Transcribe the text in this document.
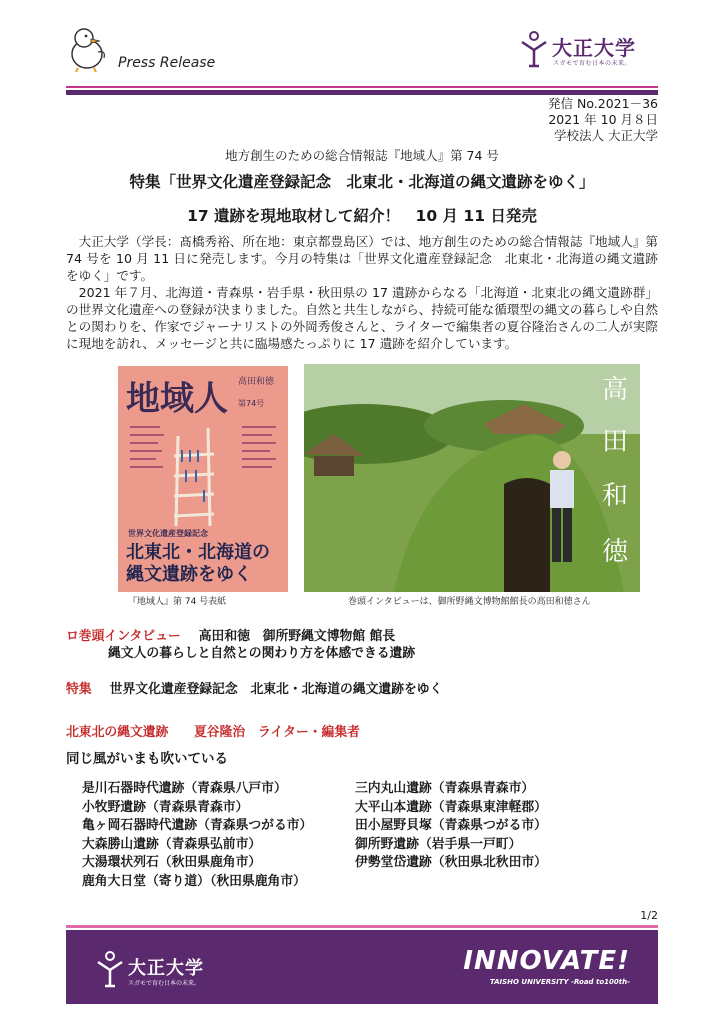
Press Release
大正大学
スガモで育む日本の未来。
発信 No.2021－36
2021 年 10 月８日
学校法人 大正大学
地方創生のための総合情報誌『地域人』第 74 号
特集「世界文化遺産登録記念　北東北・北海道の縄文遺跡をゆく」
17 遺跡を現地取材して紹介！　10 月 11 日発売

大正大学（学長：髙橋秀裕、所在地：東京都豊島区）では、地方創生のための総合情報誌『地域人』第 74 号を 10 月 11 日に発売します。今月の特集は「世界文化遺産登録記念　北東北・北海道の縄文遺跡をゆく」です。

2021 年７月、北海道・青森県・岩手県・秋田県の 17 遺跡からなる「北海道・北東北の縄文遺跡群」の世界文化遺産への登録が決まりました。自然と共生しながら、持続可能な循環型の縄文の暮らしや自然との関わりを、作家でジャーナリストの外岡秀俊さんと、ライターで編集者の夏谷隆治さんの二人が実際に現地を訪れ、メッセージと共に臨場感たっぷりに 17 遺跡を紹介しています。

地域人 第74号
高田和徳
世界文化遺産登録記念
北東北・北海道の
縄文遺跡をゆく
高
田
和
徳
『地域人』第 74 号表紙	巻頭インタビューは、御所野縄文博物館館長の高田和徳さん
ロ巻頭インタビュー 高田和徳　御所野縄文博物館 館長
縄文人の暮らしと自然との関わり方を体感できる遺跡
特集 世界文化遺産登録記念　北東北・北海道の縄文遺跡をゆく
北東北の縄文遺跡　　夏谷隆治　ライター・編集者
同じ風がいまも吹いている
是川石器時代遺跡（青森県八戸市）
小牧野遺跡（青森県青森市）
亀ヶ岡石器時代遺跡（青森県つがる市）
大森勝山遺跡（青森県弘前市）
大湯環状列石（秋田県鹿角市）
鹿角大日堂（寄り道）（秋田県鹿角市）
三内丸山遺跡（青森県青森市）
大平山本遺跡（青森県東津軽郡）
田小屋野貝塚（青森県つがる市）
御所野遺跡（岩手県一戸町）
伊勢堂岱遺跡（秋田県北秋田市）
1/2
大正大学
スガモで育む日本の未来。
INNOVATE!
TAISHO UNIVERSITY -Road to100th-
